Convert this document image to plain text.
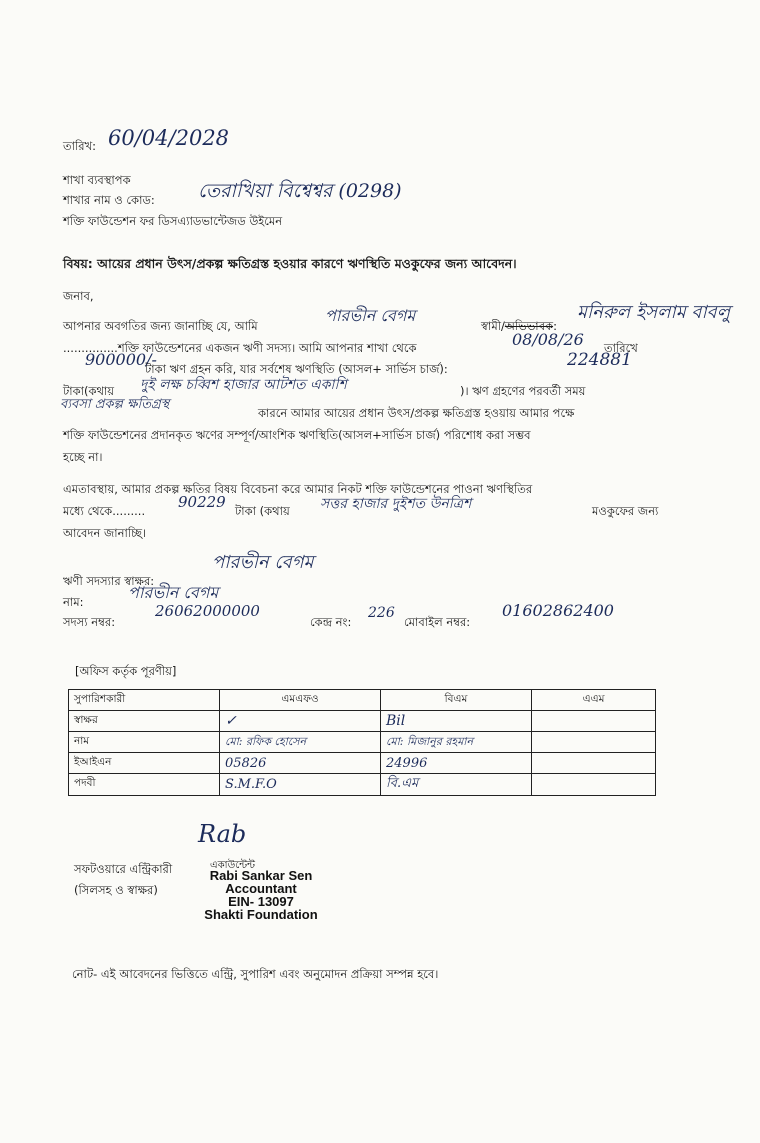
তারিখ: 60/04/2028
শাখা ব্যবস্থাপক
শাখার নাম ও কোড: তেরাখিয়া বিশ্বেশ্বর (0298)
শক্তি ফাউন্ডেশন ফর ডিসএ্যাডভান্টেজড উইমেন
বিষয়: আয়ের প্রধান উৎস/প্রকল্প ক্ষতিগ্রস্ত হওয়ার কারণে ঋণস্থিতি মওকুফের জন্য আবেদন।
জনাব,
আপনার অবগতির জন্য জানাচ্ছি যে, আমি
পারভীন বেগম
স্বামী/অভিভাবক:
মনিরুল ইসলাম বাবলু
...............শক্তি ফাউন্ডেশনের একজন ঋণী সদস্য। আমি আপনার শাখা থেকে	08/08/26 তারিখে
900000/-
টাকা ঋণ গ্রহন করি, যার সর্বশেষ ঋণস্থিতি (আসল+ সার্ভিস চার্জ):	224881
টাকা(কথায় দুই লক্ষ চব্বিশ হাজার আটশত একাশি	)। ঋণ গ্রহণের পরবর্তী সময়
ব্যবসা প্রকল্প ক্ষতিগ্রস্থ
কারনে আমার আয়ের প্রধান উৎস/প্রকল্প ক্ষতিগ্রস্ত হওয়ায় আমার পক্ষে
শক্তি ফাউন্ডেশনের প্রদানকৃত ঋণের সম্পূর্ণ/আংশিক ঋণস্থিতি(আসল+সার্ভিস চার্জ) পরিশোধ করা সম্ভব
হচ্ছে না।
এমতাবস্থায়, আমার প্রকল্প ক্ষতির বিষয় বিবেচনা করে আমার নিকট শক্তি ফাউন্ডেশনের পাওনা ঋণস্থিতির
মধ্যে থেকে......... 90229 টাকা (কথায় সত্তর হাজার দুইশত উনত্রিশ	মওকুফের জন্য
আবেদন জানাচ্ছি।
পারভীন বেগম
ঋণী সদস্যার স্বাক্ষর:
নাম:	পারভীন বেগম
সদস্য নম্বর:
26062000000
কেন্দ্র নং:
226
মোবাইল নম্বর:
01602862400
[অফিস কর্তৃক পূরণীয়]
সুপারিশকারী	এমএফও	বিএম	এএম
স্বাক্ষর	✓	Bil	
নাম	মো: রফিক হোসেন	মো: মিজানুর রহমান	
ইআইএন	05826	24996	
পদবী	S.M.F.O	বি.এম	
Rab
সফটওয়ারে এন্ট্রিকারী	একাউন্টেন্ট
(সিলসহ ও স্বাক্ষর)
Rabi Sankar Sen
Accountant
EIN- 13097
Shakti Foundation
নোট- এই আবেদনের ভিত্তিতে এন্ট্রি, সুপারিশ এবং অনুমোদন প্রক্রিয়া সম্পন্ন হবে।
